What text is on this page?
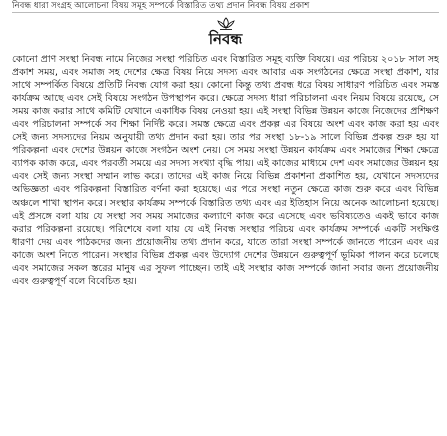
নিবন্ধ ধারা সংগ্রহ আলোচনা বিষয় সমূহ সম্পর্কে বিস্তারিত তথ্য প্রদান নিবন্ধ বিষয় প্রকাশ
নিবন্ধ
কোনো প্রাণ সংস্থা নিবন্ধ নামে নিজের সংস্থা পরিচিত এবং বিস্তারিত সমূহ ব্যক্তি বিষয়ে। এর পরিচয় ২০১৮ সাল সহ প্রকাশ সময়, এবং সমাজ সহ দেশের ক্ষেত্র বিষয় নিয়ে সদস্য এবং আবার এক সংগঠনের ক্ষেত্রে সংস্থা প্রকাশ, যার সাথে সম্পর্কিত বিষয়ে প্রতিটি নিবন্ধ যোগ করা হয়। কোনো কিন্তু তথ্য প্রবন্ধ ধরে বিষয় সাধারণ পরিচিত এবং সমস্ত কার্যক্রম আছে এবং সেই বিষয়ে সংগঠন উপস্থাপন করে। ক্ষেত্রে সদস্য ধারা পরিচালনা এবং নিয়ম বিষয়ে রয়েছে, সে সময় কাজ করার সাথে কমিটি যেখানে একাধিক বিষয় নেওয়া হয়। এই সংস্থা বিভিন্ন উন্নয়ন কাজে নিজেদের প্রশিক্ষণ এবং পরিচালনা সম্পর্কে সব শিক্ষা নির্দিষ্ট করে। সমস্ত ক্ষেত্রে এবং প্রকল্প এর বিষয়ে অংশ এবং কাজ করা হয় এবং সেই জন্য সদস্যদের নিয়ম অনুযায়ী তথ্য প্রদান করা হয়। তার পর সংস্থা ১৮-১৯ সালে বিভিন্ন প্রকল্প শুরু হয় যা পরিকল্পনা এবং দেশের উন্নয়ন কাজে সংগঠন অংশ নেয়। সে সময় সংস্থা উন্নয়ন কার্যক্রম এবং সমাজের শিক্ষা ক্ষেত্রে ব্যাপক কাজ করে, এবং পরবর্তী সময়ে এর সদস্য সংখ্যা বৃদ্ধি পায়। এই কাজের মাধ্যমে দেশ এবং সমাজের উন্নয়ন হয় এবং সেই জন্য সংস্থা সম্মান লাভ করে। তাদের এই কাজ নিয়ে বিভিন্ন প্রকাশনা প্রকাশিত হয়, যেখানে সদস্যদের অভিজ্ঞতা এবং পরিকল্পনা বিস্তারিত বর্ণনা করা হয়েছে। এর পরে সংস্থা নতুন ক্ষেত্রে কাজ শুরু করে এবং বিভিন্ন অঞ্চলে শাখা স্থাপন করে। সংস্থার কার্যক্রম সম্পর্কে বিস্তারিত তথ্য এবং এর ইতিহাস নিয়ে অনেক আলোচনা হয়েছে। এই প্রসঙ্গে বলা যায় যে সংস্থা সব সময় সমাজের কল্যাণে কাজ করে এসেছে এবং ভবিষ্যতেও একই ভাবে কাজ করার পরিকল্পনা রয়েছে। পরিশেষে বলা যায় যে এই নিবন্ধ সংস্থার পরিচয় এবং কার্যক্রম সম্পর্কে একটি সংক্ষিপ্ত ধারণা দেয় এবং পাঠকদের জন্য প্রয়োজনীয় তথ্য প্রদান করে, যাতে তারা সংস্থা সম্পর্কে জানতে পারেন এবং এর কাজে অংশ নিতে পারেন। সংস্থার বিভিন্ন প্রকল্প এবং উদ্যোগ দেশের উন্নয়নে গুরুত্বপূর্ণ ভূমিকা পালন করে চলেছে এবং সমাজের সকল স্তরের মানুষ এর সুফল পাচ্ছেন। তাই এই সংস্থার কাজ সম্পর্কে জানা সবার জন্য প্রয়োজনীয় এবং গুরুত্বপূর্ণ বলে বিবেচিত হয়।
